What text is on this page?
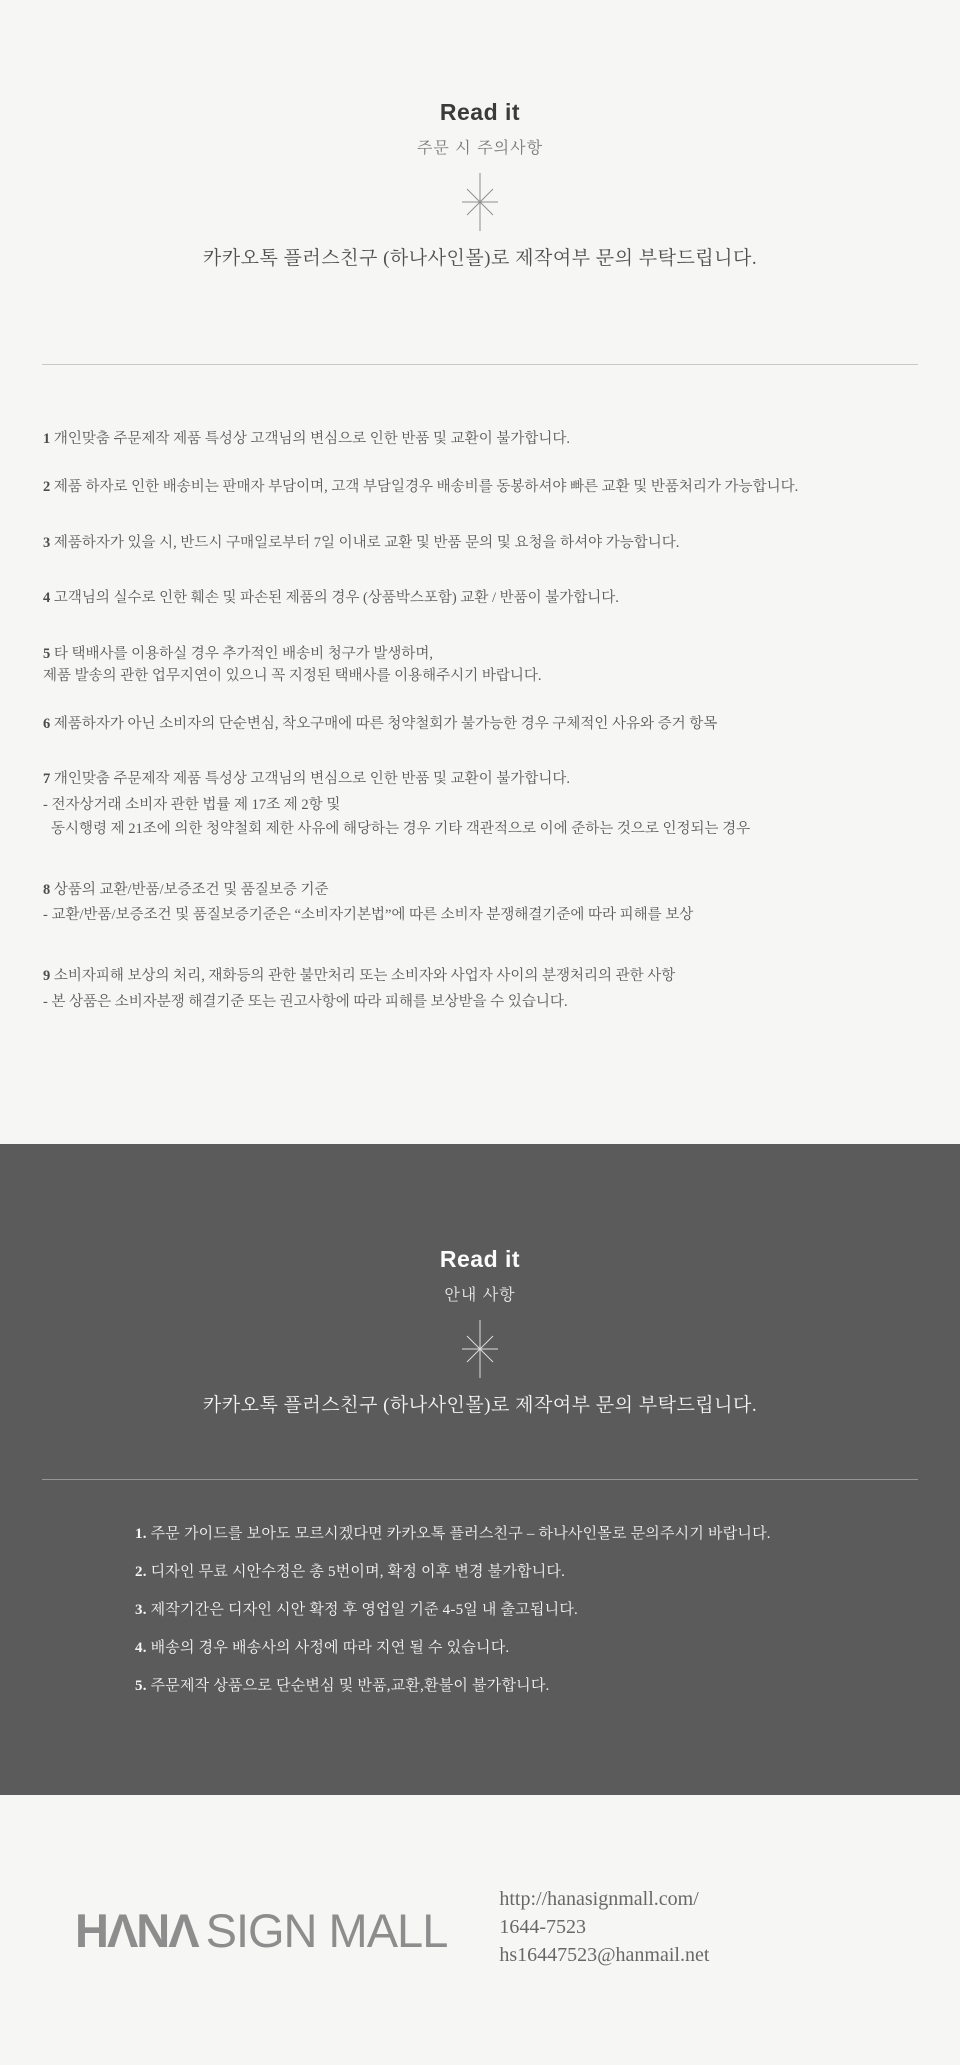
Read it
주문 시 주의사항
카카오톡 플러스친구 (하나사인몰)로 제작여부 문의 부탁드립니다.

1 개인맞춤 주문제작 제품 특성상 고객님의 변심으로 인한 반품 및 교환이 불가합니다.

2 제품 하자로 인한 배송비는 판매자 부담이며, 고객 부담일경우 배송비를 동봉하셔야 빠른 교환 및 반품처리가 가능합니다.

3 제품하자가 있을 시, 반드시 구매일로부터 7일 이내로 교환 및 반품 문의 및 요청을 하셔야 가능합니다.

4 고객님의 실수로 인한 훼손 및 파손된 제품의 경우 (상품박스포함) 교환 / 반품이 불가합니다.

5 타 택배사를 이용하실 경우 추가적인 배송비 청구가 발생하며,
제품 발송의 관한 업무지연이 있으니 꼭 지정된 택배사를 이용해주시기 바랍니다.

6 제품하자가 아닌 소비자의 단순변심, 착오구매에 따른 청약철회가 불가능한 경우 구체적인 사유와 증거 항목

7 개인맞춤 주문제작 제품 특성상 고객님의 변심으로 인한 반품 및 교환이 불가합니다.

- 전자상거래 소비자 관한 법률 제 17조 제 2항 및

동시행령 제 21조에 의한 청약철회 제한 사유에 해당하는 경우 기타 객관적으로 이에 준하는 것으로 인정되는 경우

8 상품의 교환/반품/보증조건 및 품질보증 기준

- 교환/반품/보증조건 및 품질보증기준은 “소비자기본법”에 따른 소비자 분쟁해결기준에 따라 피해를 보상

9 소비자피해 보상의 처리, 재화등의 관한 불만처리 또는 소비자와 사업자 사이의 분쟁처리의 관한 사항

- 본 상품은 소비자분쟁 해결기준 또는 권고사항에 따라 피해를 보상받을 수 있습니다.

Read it
안내 사항
카카오톡 플러스친구 (하나사인몰)로 제작여부 문의 부탁드립니다.

1. 주문 가이드를 보아도 모르시겠다면 카카오톡 플러스친구 – 하나사인몰로 문의주시기 바랍니다.

2. 디자인 무료 시안수정은 총 5번이며, 확정 이후 변경 불가합니다.

3. 제작기간은 디자인 시안 확정 후 영업일 기준 4-5일 내 출고됩니다.

4. 배송의 경우 배송사의 사정에 따라 지연 될 수 있습니다.

5. 주문제작 상품으로 단순변심 및 반품,교환,환불이 불가합니다.

HΛNΛ SIGN MALL
http://hanasignmall.com/
1644-7523
hs16447523@hanmail.net
